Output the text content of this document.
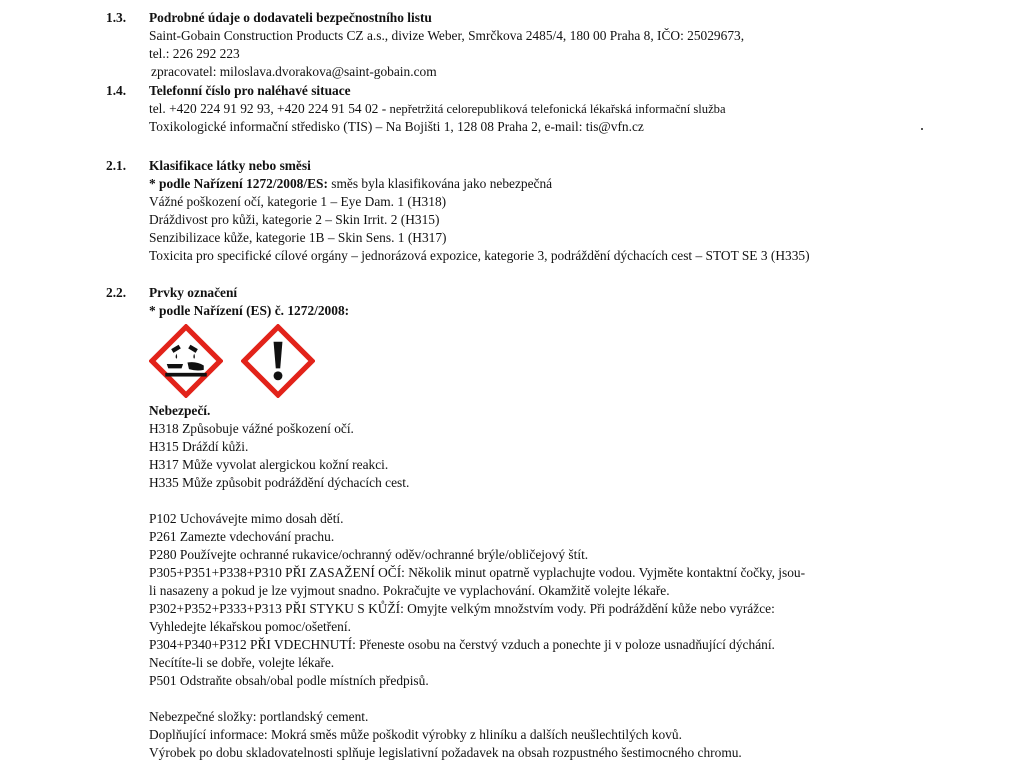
1.3. Podrobné údaje o dodavateli bezpečnostního listu
Saint-Gobain Construction Products CZ a.s., divize Weber, Smrčkova 2485/4, 180 00 Praha 8, IČO: 25029673,
tel.: 226 292 223
zpracovatel: miloslava.dvorakova@saint-gobain.com
1.4. Telefonní číslo pro naléhavé situace
tel. +420 224 91 92 93, +420 224 91 54 02 - nepřetržitá celorepubliková telefonická lékařská informační služba
Toxikologické informační středisko (TIS) – Na Bojišti 1, 128 08 Praha 2, e-mail: tis@vfn.cz
2.1. Klasifikace látky nebo směsi
* podle Nařízení 1272/2008/ES: směs byla klasifikována jako nebezpečná
Vážné poškození očí, kategorie 1 – Eye Dam. 1 (H318)
Dráždivost pro kůži, kategorie 2 – Skin Irrit. 2 (H315)
Senzibilizace kůže, kategorie 1B – Skin Sens. 1 (H317)
Toxicita pro specifické cílové orgány – jednorázová expozice, kategorie 3, podráždění dýchacích cest – STOT SE 3 (H335)
2.2. Prvky označení
* podle Nařízení (ES) č. 1272/2008:
Nebezpečí.
H318 Způsobuje vážné poškození očí.
H315 Dráždí kůži.
H317 Může vyvolat alergickou kožní reakci.
H335 Může způsobit podráždění dýchacích cest.
P102 Uchovávejte mimo dosah dětí.
P261 Zamezte vdechování prachu.
P280 Používejte ochranné rukavice/ochranný oděv/ochranné brýle/obličejový štít.
P305+P351+P338+P310 PŘI ZASAŽENÍ OČÍ: Několik minut opatrně vyplachujte vodou. Vyjměte kontaktní čočky, jsou-
li nasazeny a pokud je lze vyjmout snadno. Pokračujte ve vyplachování. Okamžitě volejte lékaře.
P302+P352+P333+P313 PŘI STYKU S KŮŽÍ: Omyjte velkým množstvím vody. Při podráždění kůže nebo vyrážce:
Vyhledejte lékařskou pomoc/ošetření.
P304+P340+P312 PŘI VDECHNUTÍ: Přeneste osobu na čerstvý vzduch a ponechte ji v poloze usnadňující dýchání.
Necítíte-li se dobře, volejte lékaře.
P501 Odstraňte obsah/obal podle místních předpisů.
Nebezpečné složky: portlandský cement.
Doplňující informace: Mokrá směs může poškodit výrobky z hliníku a dalších neušlechtilých kovů.
Výrobek po dobu skladovatelnosti splňuje legislativní požadavek na obsah rozpustného šestimocného chromu.
